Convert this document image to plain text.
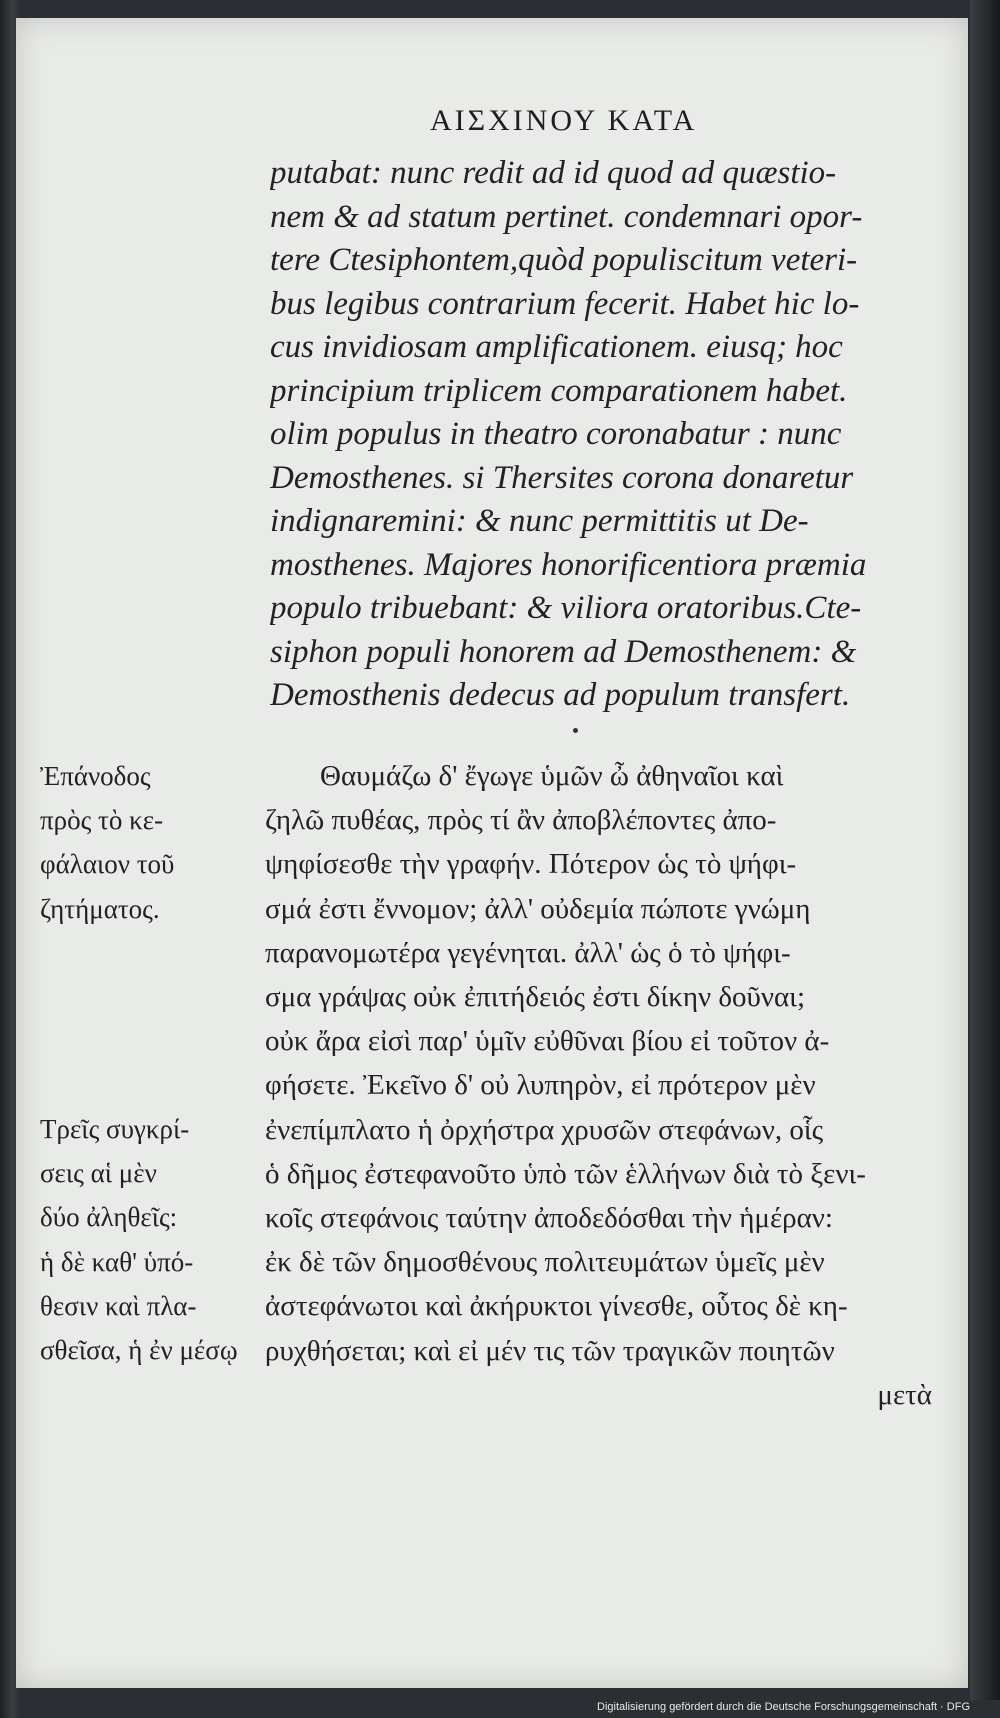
ΑΙΣΧΙΝΟΥ ΚΑΤΑ
putabat: nunc redit ad id quod ad quæstio-
nem & ad statum pertinet. condemnari opor-
tere Ctesiphontem,quòd populiscitum veteri-
bus legibus contrarium fecerit. Habet hic lo-
cus invidiosam amplificationem. eiusq; hoc
principium triplicem comparationem habet.
olim populus in theatro coronabatur : nunc
Demosthenes. si Thersites corona donaretur
indignaremini: & nunc permittitis ut De-
mosthenes. Majores honorificentiora præmia
populo tribuebant: & viliora oratoribus.Cte-
siphon populi honorem ad Demosthenem: &
Demosthenis dedecus ad populum transfert.
Ἐπάνοδος
πρὸς τὸ κε-
φάλαιον τοῦ
ζητήματος.
Θαυμάζω δ' ἔγωγε ὑμῶν ὦ ἀθηναῖοι καὶ
ζηλῶ πυθέας, πρὸς τί ἂν ἀποβλέποντες ἀπο-
ψηφίσεσθε τὴν γραφήν. Πότερον ὡς τὸ ψήφι-
σμά ἐστι ἔννομον; ἀλλ' οὐδεμία πώποτε γνώμη
παρανομωτέρα γεγένηται. ἀλλ' ὡς ὁ τὸ ψήφι-
σμα γράψας οὐκ ἐπιτήδειός ἐστι δίκην δοῦναι;
οὐκ ἄρα εἰσὶ παρ' ὑμῖν εὐθῦναι βίου εἰ τοῦτον ἀ-
φήσετε. Ἐκεῖνο δ' οὐ λυπηρὸν, εἰ πρότερον μὲν
ἐνεπίμπλατο ἡ ὀρχήστρα χρυσῶν στεφάνων, οἷς
ὁ δῆμος ἐστεφανοῦτο ὑπὸ τῶν ἑλλήνων διὰ τὸ ξενι-
κοῖς στεφάνοις ταύτην ἀποδεδόσθαι τὴν ἡμέραν:
ἐκ δὲ τῶν δημοσθένους πολιτευμάτων ὑμεῖς μὲν
ἀστεφάνωτοι καὶ ἀκήρυκτοι γίνεσθε, οὗτος δὲ κη-
ρυχθήσεται; καὶ εἰ μέν τις τῶν τραγικῶν ποιητῶν
μετὰ
Τρεῖς συγκρί-
σεις αἱ μὲν
δύο ἀληθεῖς:
ἡ δὲ καθ' ὑπό-
θεσιν καὶ πλα-
σθεῖσα, ἡ ἐν μέσῳ
Digitalisierung gefördert durch die Deutsche Forschungsgemeinschaft · DFG
